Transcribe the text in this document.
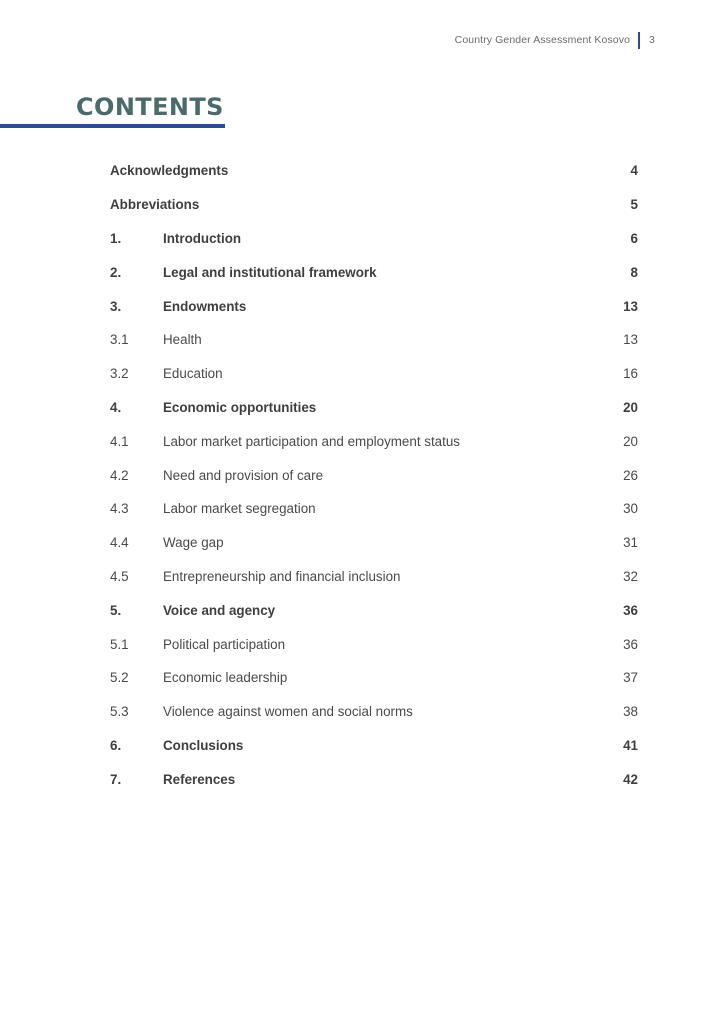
Country Gender Assessment Kosovo	3
CONTENTS
Acknowledgments	4
Abbreviations	5
1.	Introduction	6
2.	Legal and institutional framework	8
3.	Endowments	13
3.1	Health	13
3.2	Education	16
4.	Economic opportunities	20
4.1	Labor market participation and employment status	20
4.2	Need and provision of care	26
4.3	Labor market segregation	30
4.4	Wage gap	31
4.5	Entrepreneurship and financial inclusion	32
5.	Voice and agency	36
5.1	Political participation	36
5.2	Economic leadership	37
5.3	Violence against women and social norms	38
6.	Conclusions	41
7.	References	42
